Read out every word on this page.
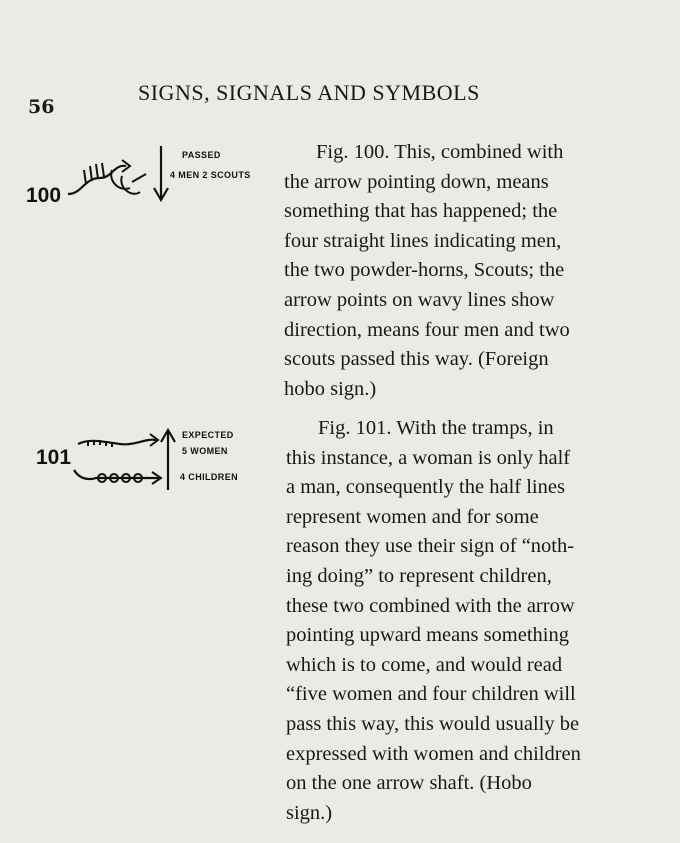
56
SIGNS, SIGNALS AND SYMBOLS
100
PASSED
4 MEN 2 SCOUTS
101
EXPECTED
5 WOMEN
4 CHILDREN

Fig. 100. This, combined with
the arrow pointing down, means
something that has happened; the
four straight lines indicating men,
the two powder-horns, Scouts; the
arrow points on wavy lines show
direction, means four men and two
scouts passed this way. (Foreign
hobo sign.)

Fig. 101. With the tramps, in
this instance, a woman is only half
a man, consequently the half lines
represent women and for some
reason they use their sign of “noth-
ing doing” to represent children,
these two combined with the arrow
pointing upward means something
which is to come, and would read
“five women and four children will
pass this way, this would usually be
expressed with women and children
on the one arrow shaft. (Hobo
sign.)
